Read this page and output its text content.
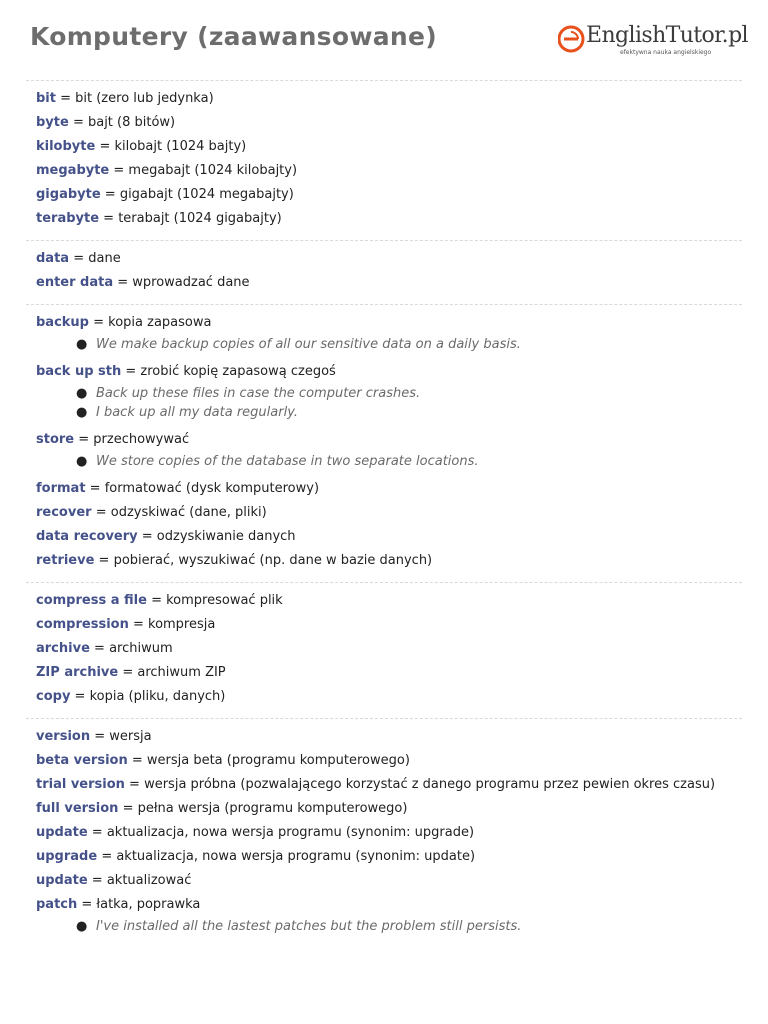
Komputery (zaawansowane)	EnglishTutor.pl
efektywna nauka angielskiego
bit = bit (zero lub jedynka)
byte = bajt (8 bitów)
kilobyte = kilobajt (1024 bajty)
megabyte = megabajt (1024 kilobajty)
gigabyte = gigabajt (1024 megabajty)
terabyte = terabajt (1024 gigabajty)
data = dane
enter data = wprowadzać dane
backup = kopia zapasowa
● We make backup copies of all our sensitive data on a daily basis.
back up sth = zrobić kopię zapasową czegoś
● Back up these files in case the computer crashes.
● I back up all my data regularly.
store = przechowywać
● We store copies of the database in two separate locations.
format = formatować (dysk komputerowy)
recover = odzyskiwać (dane, pliki)
data recovery = odzyskiwanie danych
retrieve = pobierać, wyszukiwać (np. dane w bazie danych)
compress a file = kompresować plik
compression = kompresja
archive = archiwum
ZIP archive = archiwum ZIP
copy = kopia (pliku, danych)
version = wersja
beta version = wersja beta (programu komputerowego)
trial version = wersja próbna (pozwalającego korzystać z danego programu przez pewien okres czasu)
full version = pełna wersja (programu komputerowego)
update = aktualizacja, nowa wersja programu (synonim: upgrade)
upgrade = aktualizacja, nowa wersja programu (synonim: update)
update = aktualizować
patch = łatka, poprawka
● I've installed all the lastest patches but the problem still persists.
